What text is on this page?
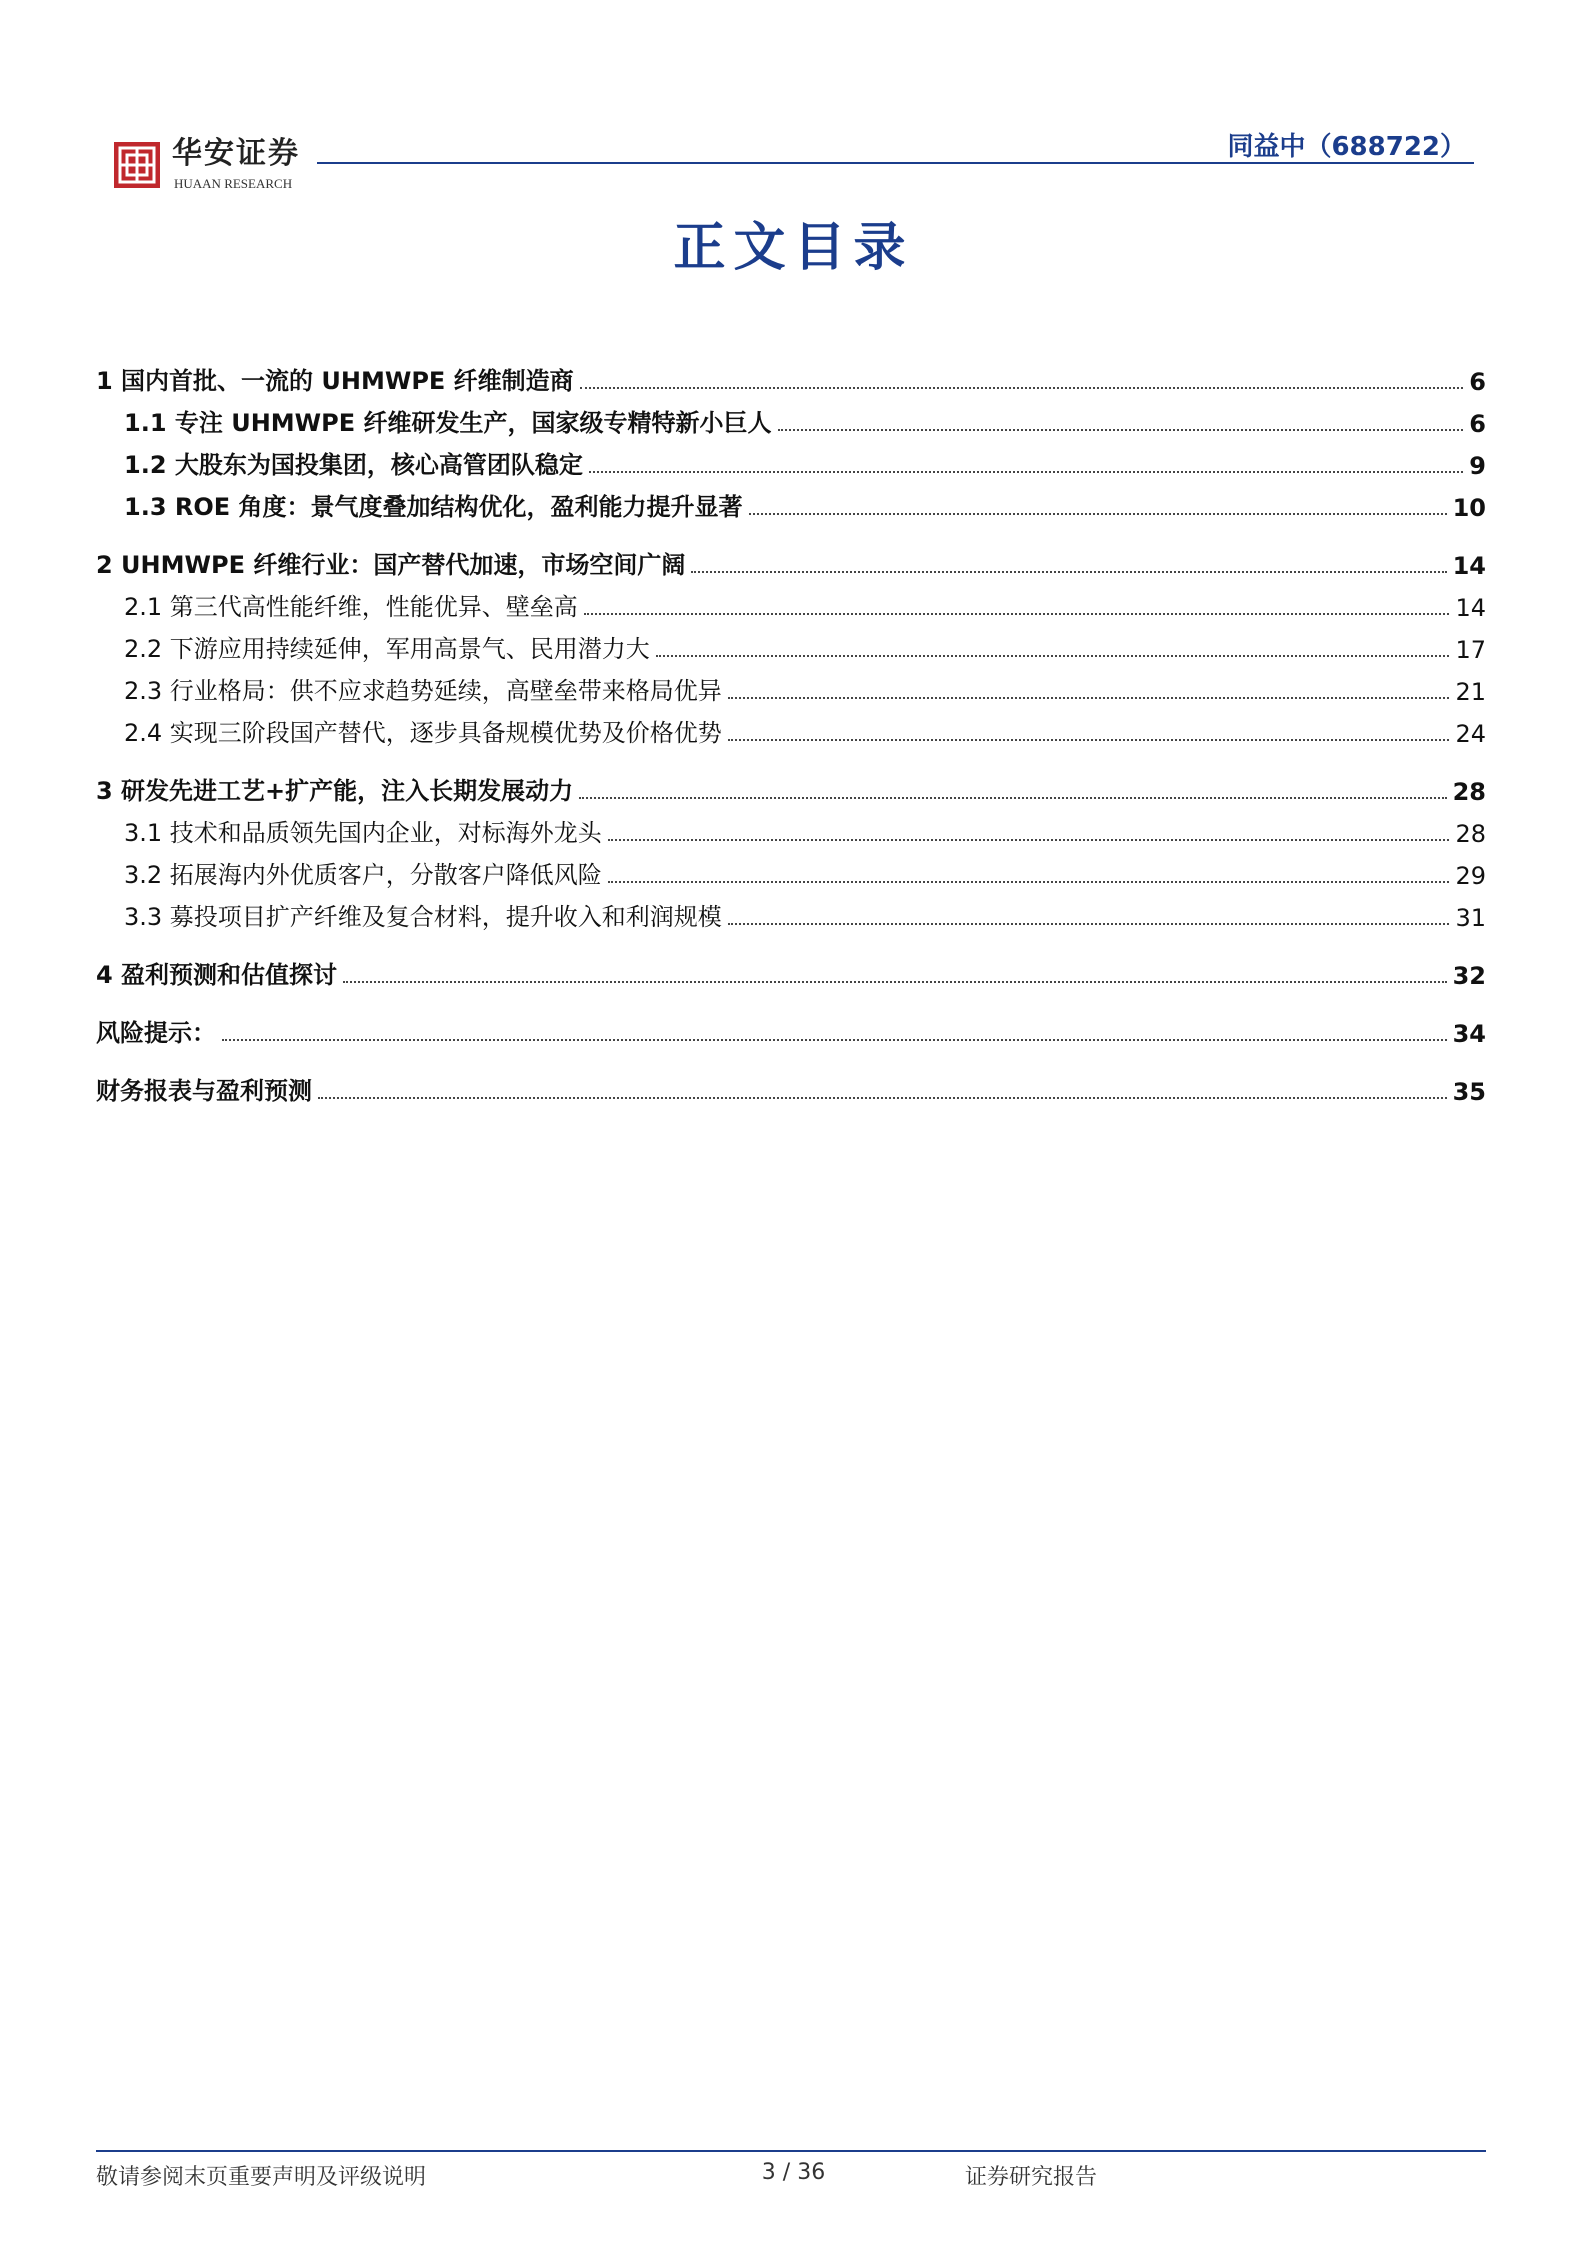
华安证券
HUAAN RESEARCH
同益中（688722）
正文目录
1 国内首批、一流的 UHMWPE 纤维制造商	6
1.1 专注 UHMWPE 纤维研发生产，国家级专精特新小巨人	6
1.2 大股东为国投集团，核心高管团队稳定	9
1.3 ROE 角度：景气度叠加结构优化，盈利能力提升显著	10
2 UHMWPE 纤维行业：国产替代加速，市场空间广阔	14
2.1 第三代高性能纤维，性能优异、壁垒高	14
2.2 下游应用持续延伸，军用高景气、民用潜力大	17
2.3 行业格局：供不应求趋势延续，高壁垒带来格局优异	21
2.4 实现三阶段国产替代，逐步具备规模优势及价格优势	24
3 研发先进工艺+扩产能，注入长期发展动力	28
3.1 技术和品质领先国内企业，对标海外龙头	28
3.2 拓展海内外优质客户，分散客户降低风险	29
3.3 募投项目扩产纤维及复合材料，提升收入和利润规模	31
4 盈利预测和估值探讨	32
风险提示：	34
财务报表与盈利预测	35
敬请参阅末页重要声明及评级说明	3 / 36	证券研究报告
